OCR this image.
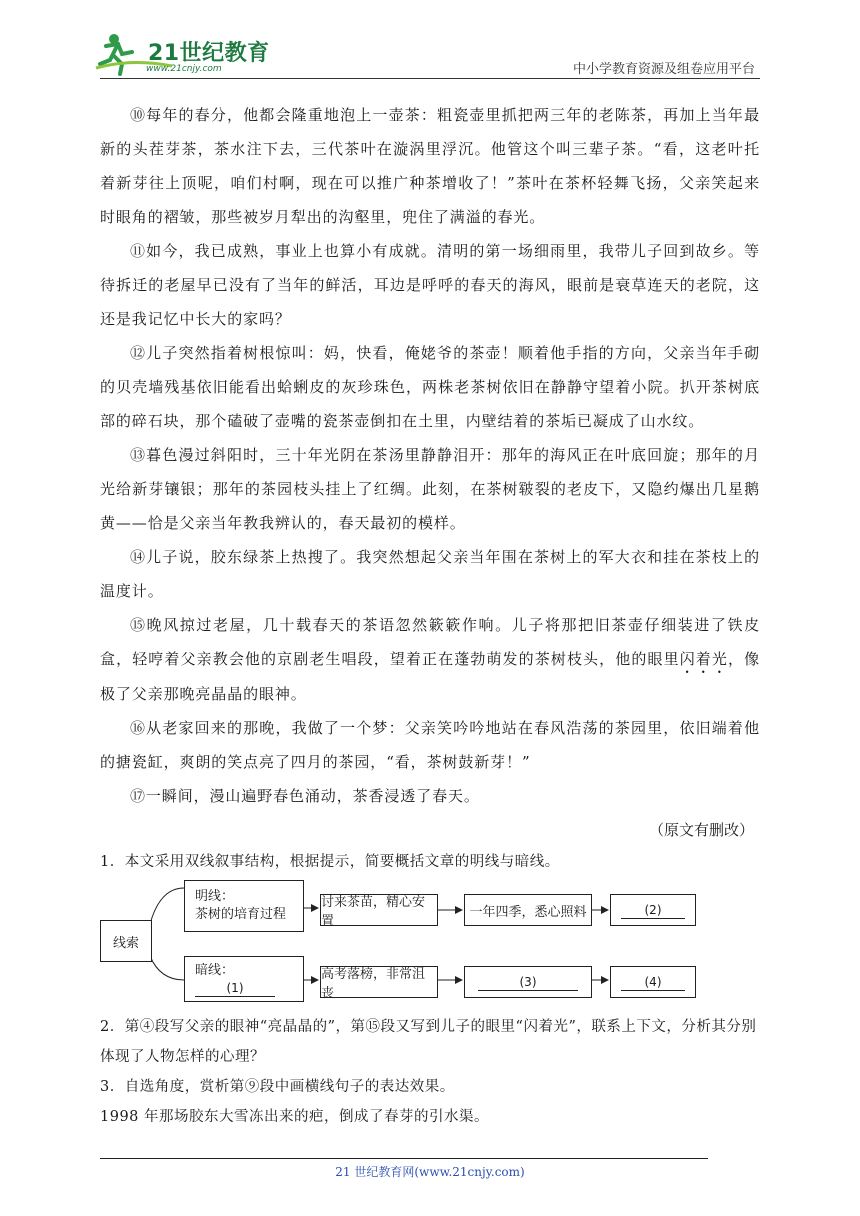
21世纪教育
www.21cnjy.com	中小学教育资源及组卷应用平台

⑩每年的春分，他都会隆重地泡上一壶茶：粗瓷壶里抓把两三年的老陈茶，再加上当年最新的头茬芽茶，茶水注下去，三代茶叶在漩涡里浮沉。他管这个叫三辈子茶。“看，这老叶托着新芽往上顶呢，咱们村啊，现在可以推广种茶增收了！”茶叶在茶杯轻舞飞扬，父亲笑起来时眼角的褶皱，那些被岁月犁出的沟壑里，兜住了满溢的春光。

⑪如今，我已成熟，事业上也算小有成就。清明的第一场细雨里，我带儿子回到故乡。等待拆迁的老屋早已没有了当年的鲜活，耳边是呼呼的春天的海风，眼前是衰草连天的老院，这还是我记忆中长大的家吗？

⑫儿子突然指着树根惊叫：妈，快看，俺姥爷的茶壶！顺着他手指的方向，父亲当年手砌的贝壳墙残基依旧能看出蛤蜊皮的灰珍珠色，两株老茶树依旧在静静守望着小院。扒开茶树底部的碎石块，那个磕破了壶嘴的瓷茶壶倒扣在土里，内壁结着的茶垢已凝成了山水纹。

⑬暮色漫过斜阳时，三十年光阴在茶汤里静静泪开：那年的海风正在叶底回旋；那年的月光给新芽镶银；那年的茶园枝头挂上了红绸。此刻，在茶树皲裂的老皮下，又隐约爆出几星鹅黄——恰是父亲当年教我辨认的，春天最初的模样。

⑭儿子说，胶东绿茶上热搜了。我突然想起父亲当年围在茶树上的军大衣和挂在茶枝上的温度计。

⑮晚风掠过老屋，几十载春天的茶语忽然簌簌作响。儿子将那把旧茶壶仔细装进了铁皮盒，轻哼着父亲教会他的京剧老生唱段，望着正在蓬勃萌发的茶树枝头，他的眼里闪着光，像极了父亲那晚亮晶晶的眼神。

⑯从老家回来的那晚，我做了一个梦：父亲笑吟吟地站在春风浩荡的茶园里，依旧端着他的搪瓷缸，爽朗的笑点亮了四月的茶园，“看，茶树鼓新芽！”

⑰一瞬间，漫山遍野春色涌动，茶香浸透了春天。

（原文有删改）

1．本文采用双线叙事结构，根据提示，简要概括文章的明线与暗线。

线索
明线：
茶树的培育过程
讨来茶苗，精心安置
一年四季，悉心照料	(2)
暗线：
(1)
高考落榜，非常沮丧
(3)	(4)

2．第④段写父亲的眼神“亮晶晶的”，第⑮段又写到儿子的眼里“闪着光”，联系上下文，分析其分别体现了人物怎样的心理？

3．自选角度，赏析第⑨段中画横线句子的表达效果。

1998 年那场胶东大雪冻出来的疤，倒成了春芽的引水渠。
21 世纪教育网(www.21cnjy.com)
